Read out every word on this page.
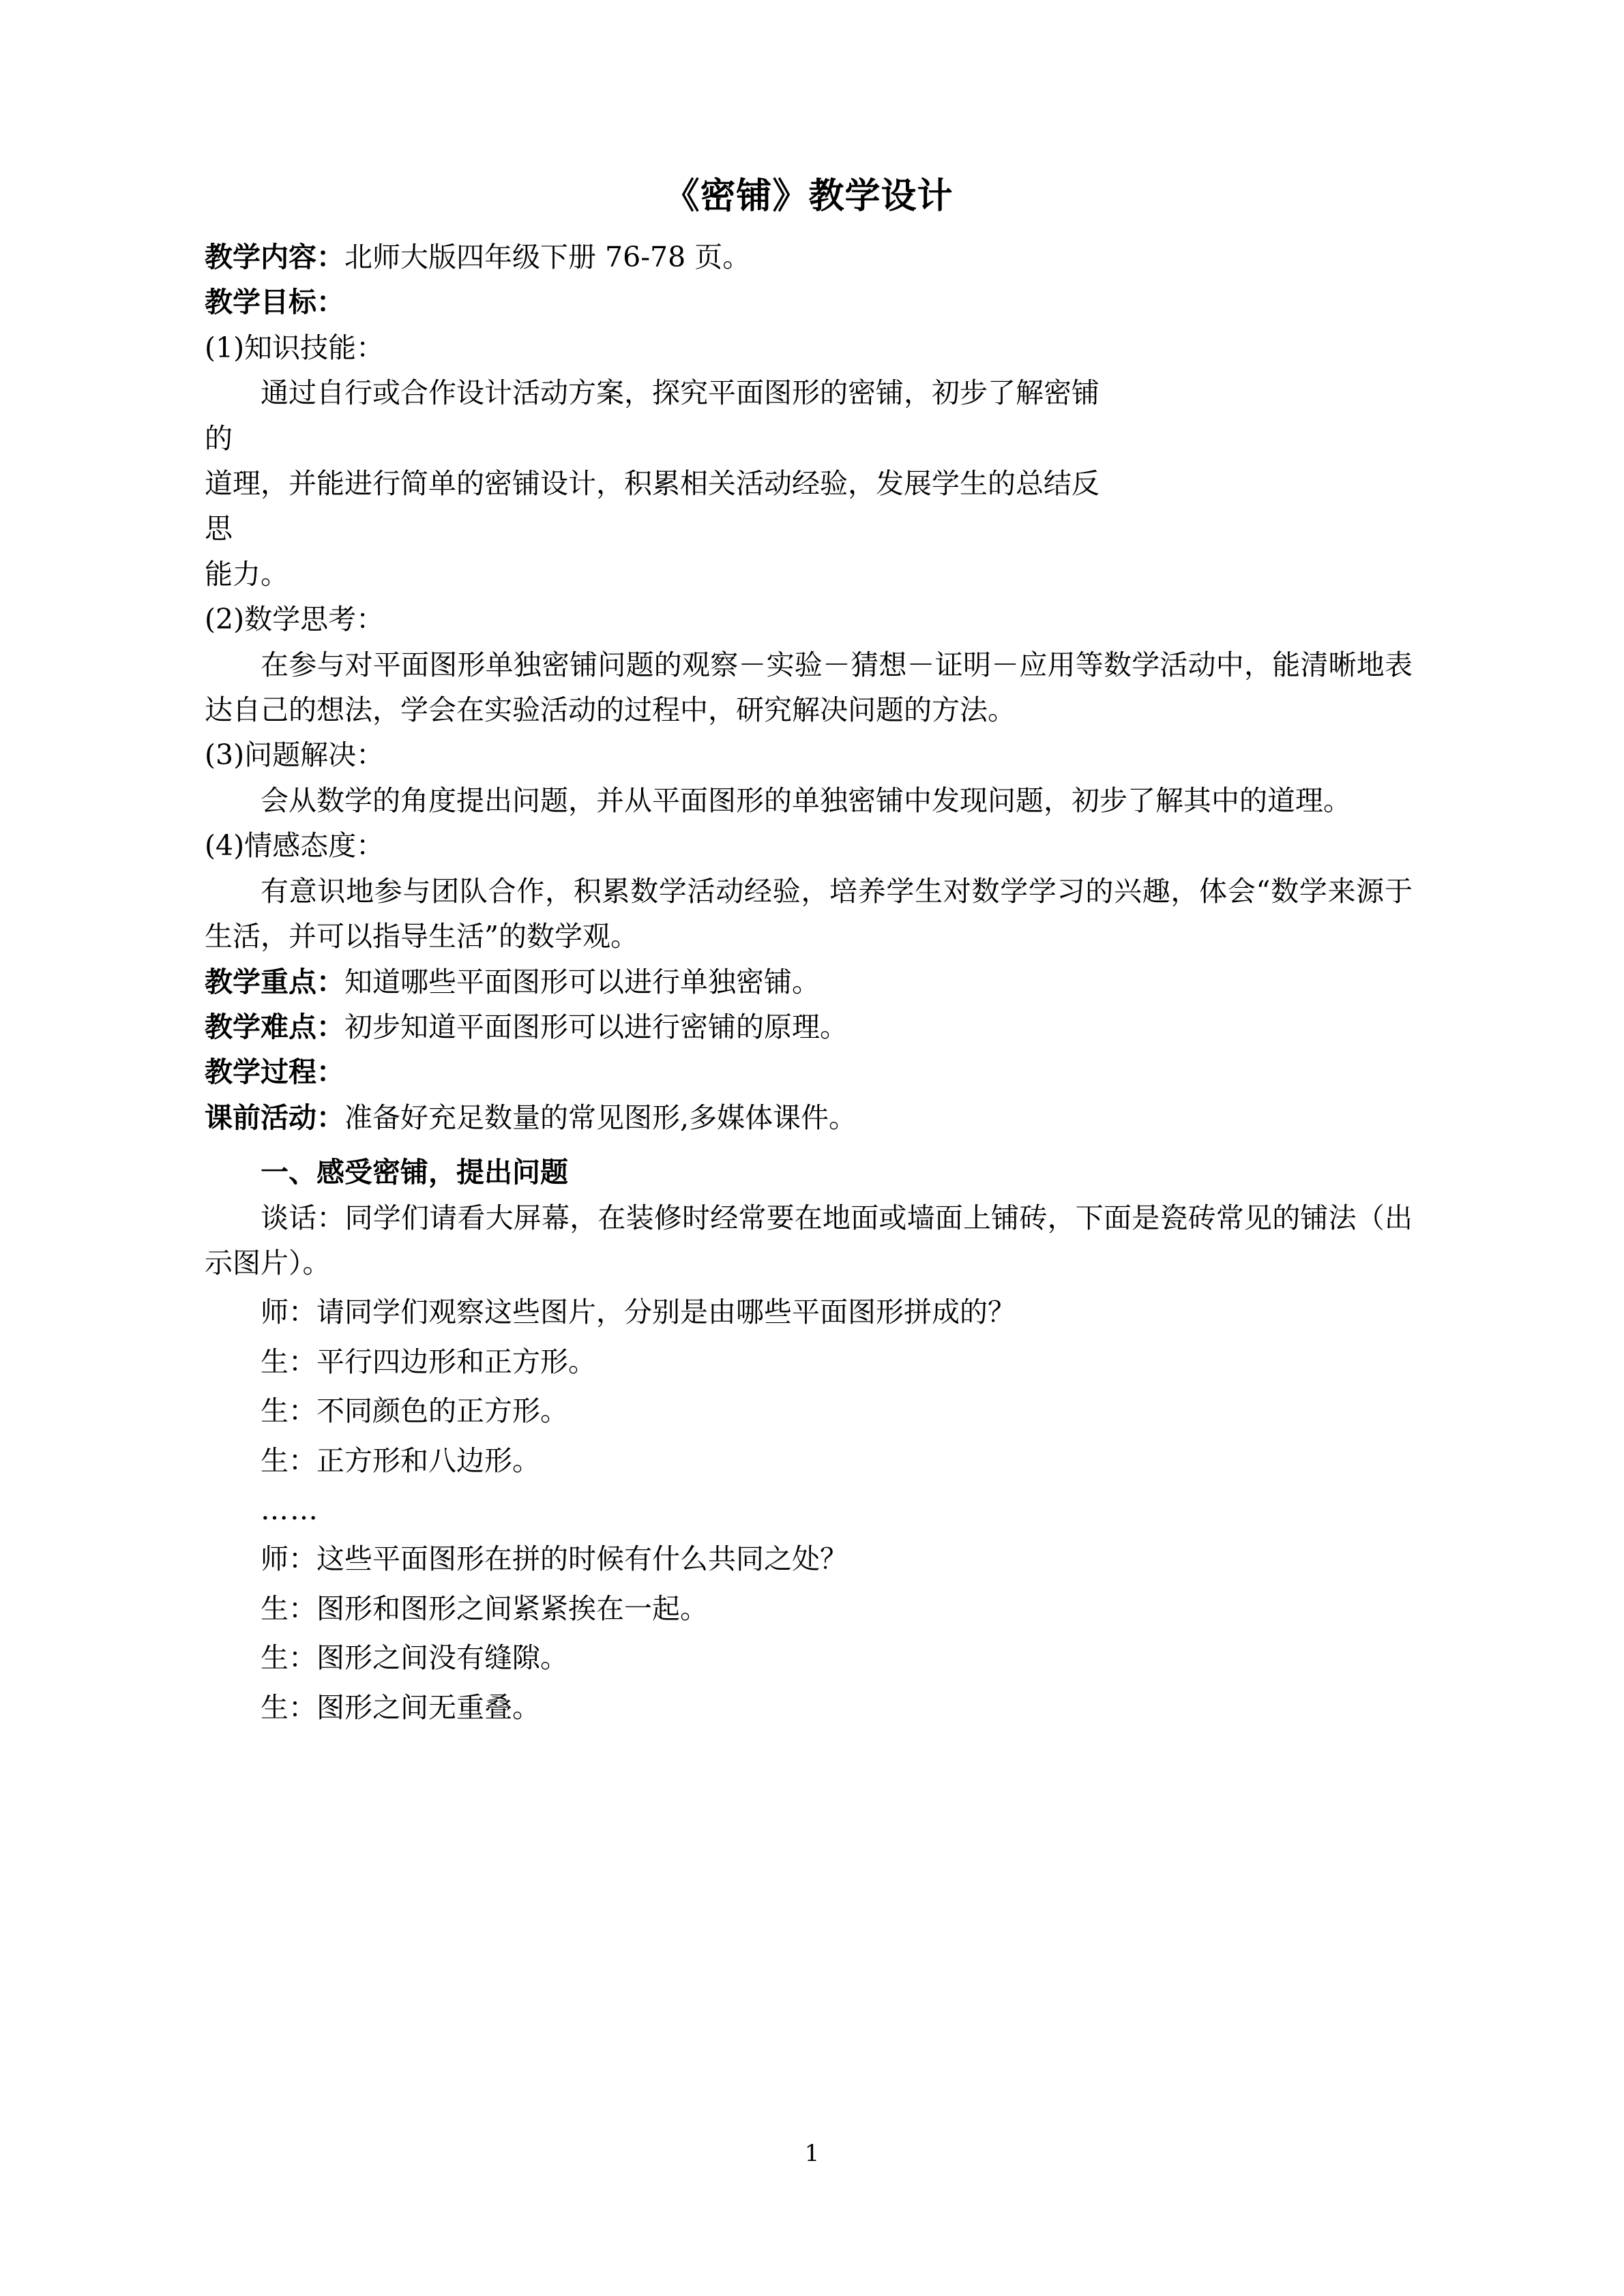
《密铺》教学设计

教学内容：北师大版四年级下册 76-78 页。

教学目标：

(1)知识技能：

通过自行或合作设计活动方案，探究平面图形的密铺，初步了解密铺

的

道理，并能进行简单的密铺设计，积累相关活动经验，发展学生的总结反

思

能力。

(2)数学思考：

在参与对平面图形单独密铺问题的观察－实验－猜想－证明－应用等数学活动中，能清晰地表达自己的想法，学会在实验活动的过程中，研究解决问题的方法。

(3)问题解决：

会从数学的角度提出问题，并从平面图形的单独密铺中发现问题，初步了解其中的道理。

(4)情感态度：

有意识地参与团队合作，积累数学活动经验，培养学生对数学学习的兴趣，体会“数学来源于生活，并可以指导生活”的数学观。

教学重点：知道哪些平面图形可以进行单独密铺。

教学难点：初步知道平面图形可以进行密铺的原理。

教学过程：

课前活动：准备好充足数量的常见图形,多媒体课件。

一、感受密铺，提出问题

谈话：同学们请看大屏幕，在装修时经常要在地面或墙面上铺砖，下面是瓷砖常见的铺法（出示图片）。

师：请同学们观察这些图片，分别是由哪些平面图形拼成的？

生：平行四边形和正方形。

生：不同颜色的正方形。

生：正方形和八边形。

……

师：这些平面图形在拼的时候有什么共同之处？

生：图形和图形之间紧紧挨在一起。

生：图形之间没有缝隙。

生：图形之间无重叠。

1
